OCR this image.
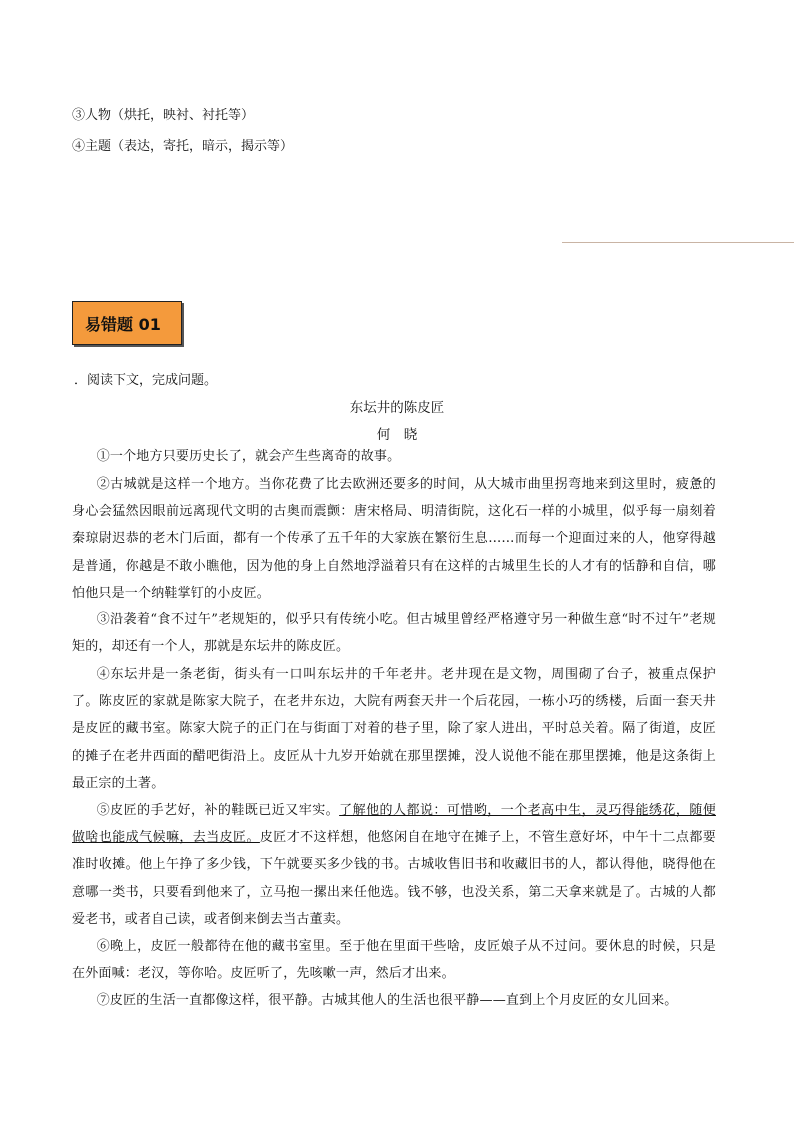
③人物（烘托，映衬、衬托等）
④主题（表达，寄托，暗示，揭示等）
易错题 01
．阅读下文，完成问题。
东坛井的陈皮匠
何　晓
①一个地方只要历史长了，就会产生些离奇的故事。
②古城就是这样一个地方。当你花费了比去欧洲还要多的时间，从大城市曲里拐弯地来到这里时，疲惫的身心会猛然因眼前远离现代文明的古奥而震颤：唐宋格局、明清街院，这化石一样的小城里，似乎每一扇刻着秦琼尉迟恭的老木门后面，都有一个传承了五千年的大家族在繁衍生息……而每一个迎面过来的人，他穿得越是普通，你越是不敢小瞧他，因为他的身上自然地浮溢着只有在这样的古城里生长的人才有的恬静和自信，哪怕他只是一个纳鞋掌钉的小皮匠。
③沿袭着“食不过午”老规矩的，似乎只有传统小吃。但古城里曾经严格遵守另一种做生意“时不过午”老规矩的，却还有一个人，那就是东坛井的陈皮匠。
④东坛井是一条老街，街头有一口叫东坛井的千年老井。老井现在是文物，周围砌了台子，被重点保护了。陈皮匠的家就是陈家大院子，在老井东边，大院有两套天井一个后花园，一栋小巧的绣楼，后面一套天井是皮匠的藏书室。陈家大院子的正门在与街面丁对着的巷子里，除了家人进出，平时总关着。隔了街道，皮匠的摊子在老井西面的醋吧街沿上。皮匠从十九岁开始就在那里摆摊，没人说他不能在那里摆摊，他是这条街上最正宗的土著。
⑤皮匠的手艺好，补的鞋既已近又牢实。了解他的人都说：可惜哟，一个老高中生，灵巧得能绣花，随便做啥也能成气候嘛，去当皮匠。皮匠才不这样想，他悠闲自在地守在摊子上，不管生意好坏，中午十二点都要准时收摊。他上午挣了多少钱，下午就要买多少钱的书。古城收售旧书和收藏旧书的人，都认得他，晓得他在意哪一类书，只要看到他来了，立马抱一摞出来任他选。钱不够，也没关系，第二天拿来就是了。古城的人都爱老书，或者自己读，或者倒来倒去当古董卖。
⑥晚上，皮匠一般都待在他的藏书室里。至于他在里面干些啥，皮匠娘子从不过问。要休息的时候，只是在外面喊：老汉，等你哈。皮匠听了，先咳嗽一声，然后才出来。
⑦皮匠的生活一直都像这样，很平静。古城其他人的生活也很平静——直到上个月皮匠的女儿回来。
